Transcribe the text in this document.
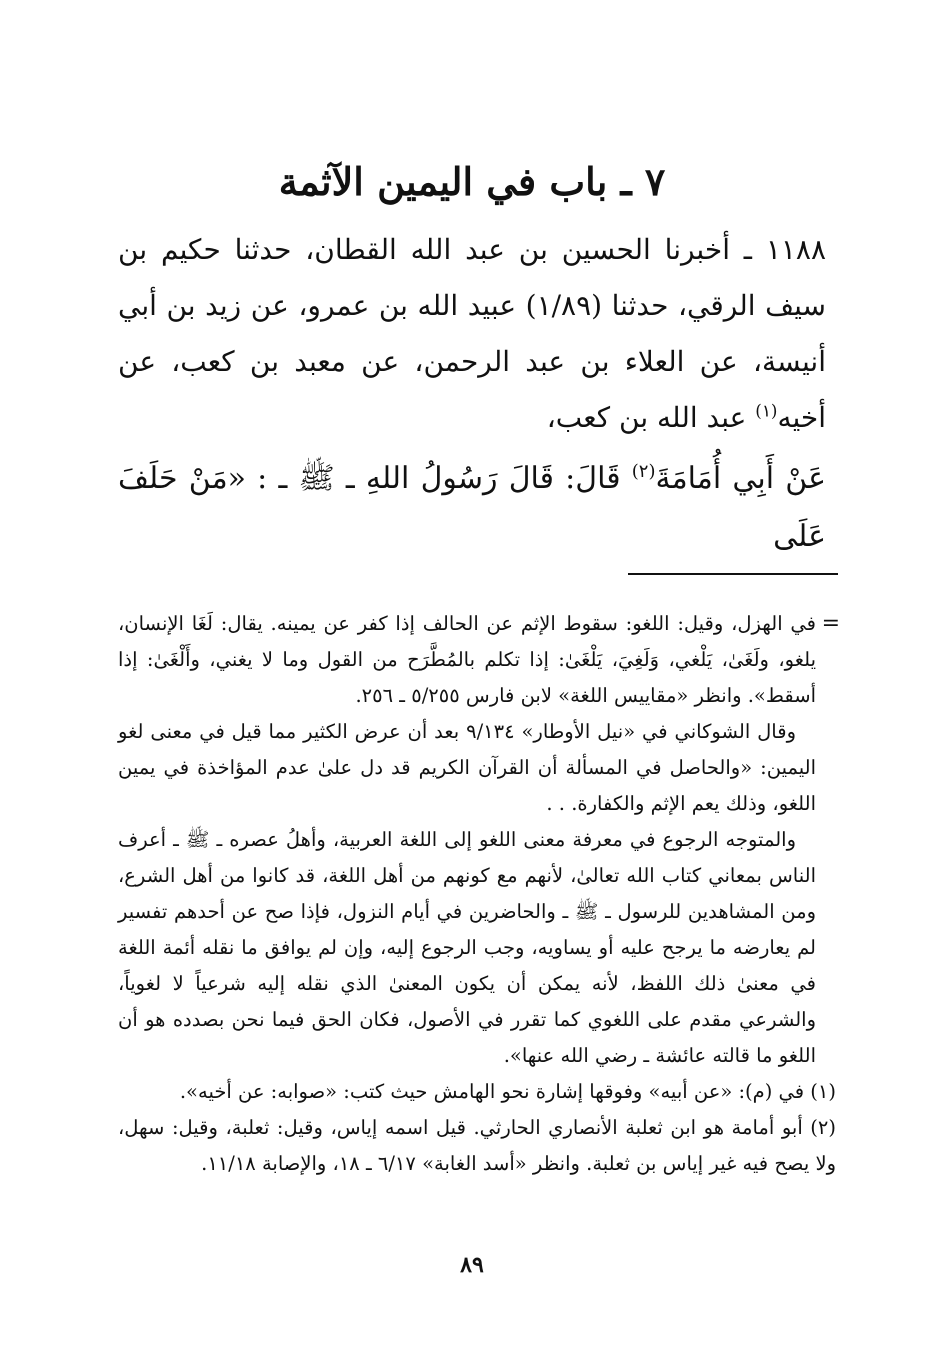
٧ ـ باب في اليمين الآثمة

١١٨٨ ـ أخبرنا الحسين بن عبد الله القطان، حدثنا حكيم بن سيف الرقي، حدثنا (١/٨٩) عبيد الله بن عمرو، عن زيد بن أبي أنيسة، عن العلاء بن عبد الرحمن، عن معبد بن كعب، عن أخيه$^{(١)}$ عبد الله بن كعب،

عَنْ أَبِي أُمَامَةَ$^{(٢)}$ قَالَ: قَالَ رَسُولُ اللهِ ـ ﷺ ـ : «مَنْ حَلَفَ عَلَى

=
في الهزل، وقيل: اللغو: سقوط الإثم عن الحالف إذا كفر عن يمينه. يقال: لَغَا الإنسان، يلغو، ولَغَىٰ، يَلْغي، وَلَغِيَ، يَلْغَىٰ: إذا تكلم بالمُطَّرَح من القول وما لا يغني، وأَلْغَىٰ: إذا أسقط». وانظر «مقاييس اللغة» لابن فارس ٥/٢٥٥ ـ ٢٥٦.

وقال الشوكاني في «نيل الأوطار» ٩/١٣٤ بعد أن عرض الكثير مما قيل في معنى لغو اليمين: «والحاصل في المسألة أن القرآن الكريم قد دل علىٰ عدم المؤاخذة في يمين اللغو، وذلك يعم الإثم والكفارة. . .

والمتوجه الرجوع في معرفة معنى اللغو إلى اللغة العربية، وأهلُ عصره ـ ﷺ ـ أعرف الناس بمعاني كتاب الله تعالىٰ، لأنهم مع كونهم من أهل اللغة، قد كانوا من أهل الشرع، ومن المشاهدين للرسول ـ ﷺ ـ والحاضرين في أيام النزول، فإذا صح عن أحدهم تفسير لم يعارضه ما يرجح عليه أو يساويه، وجب الرجوع إليه، وإن لم يوافق ما نقله أئمة اللغة في معنىٰ ذلك اللفظ، لأنه يمكن أن يكون المعنىٰ الذي نقله إليه شرعياً لا لغوياً، والشرعي مقدم على اللغوي كما تقرر في الأصول، فكان الحق فيما نحن بصدده هو أن اللغو ما قالته عائشة ـ رضي الله عنها».

(١) في (م): «عن أبيه» وفوقها إشارة نحو الهامش حيث كتب: «صوابه: عن أخيه».

(٢) أبو أمامة هو ابن ثعلبة الأنصاري الحارثي. قيل اسمه إياس، وقيل: ثعلبة، وقيل: سهل، ولا يصح فيه غير إياس بن ثعلبة. وانظر «أسد الغابة» ٦/١٧ ـ ١٨، والإصابة ١١/١٨.

٨٩
